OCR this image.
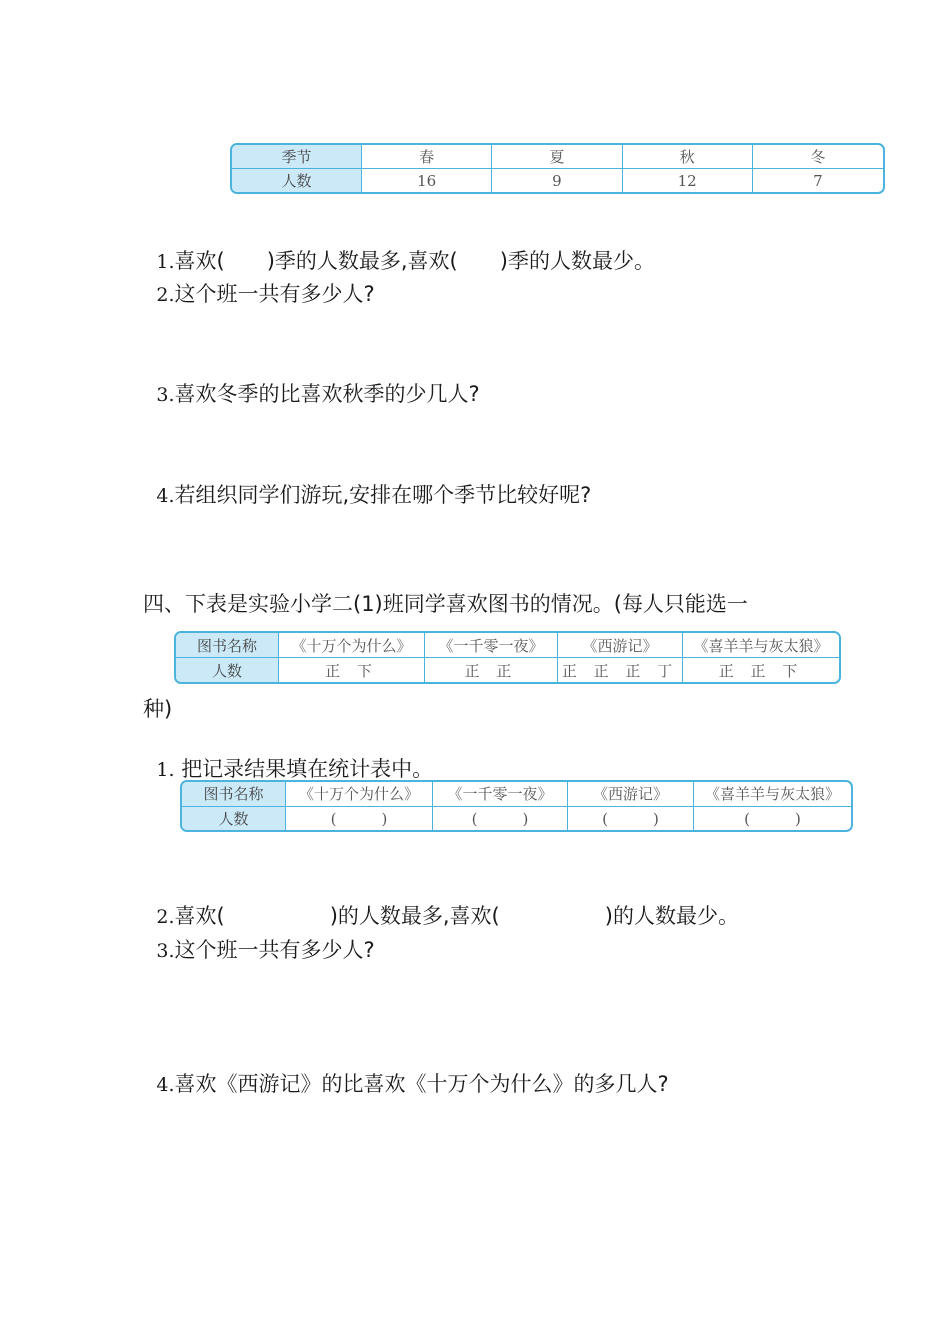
季节	春	夏	秋	冬
人数	16	9	12	7

1.喜欢(　　)季的人数最多,喜欢(　　)季的人数最少。

2.这个班一共有多少人?

3.喜欢冬季的比喜欢秋季的少几人?

4.若组织同学们游玩,安排在哪个季节比较好呢?

四、下表是实验小学二(1)班同学喜欢图书的情况。(每人只能选一
图书名称	《十万个为什么》	《一千零一夜》	《西游记》	《喜羊羊与灰太狼》
人数	正 下	正 正	正 正 正 丁	正 正 下
种)

1. 把记录结果填在统计表中。

图书名称	《十万个为什么》	《一千零一夜》	《西游记》	《喜羊羊与灰太狼》
人数	(　　　)	(　　　)	(　　　)	(　　　)

2.喜欢(　　　　　)的人数最多,喜欢(　　　　　)的人数最少。

3.这个班一共有多少人?

4.喜欢《西游记》的比喜欢《十万个为什么》的多几人?
